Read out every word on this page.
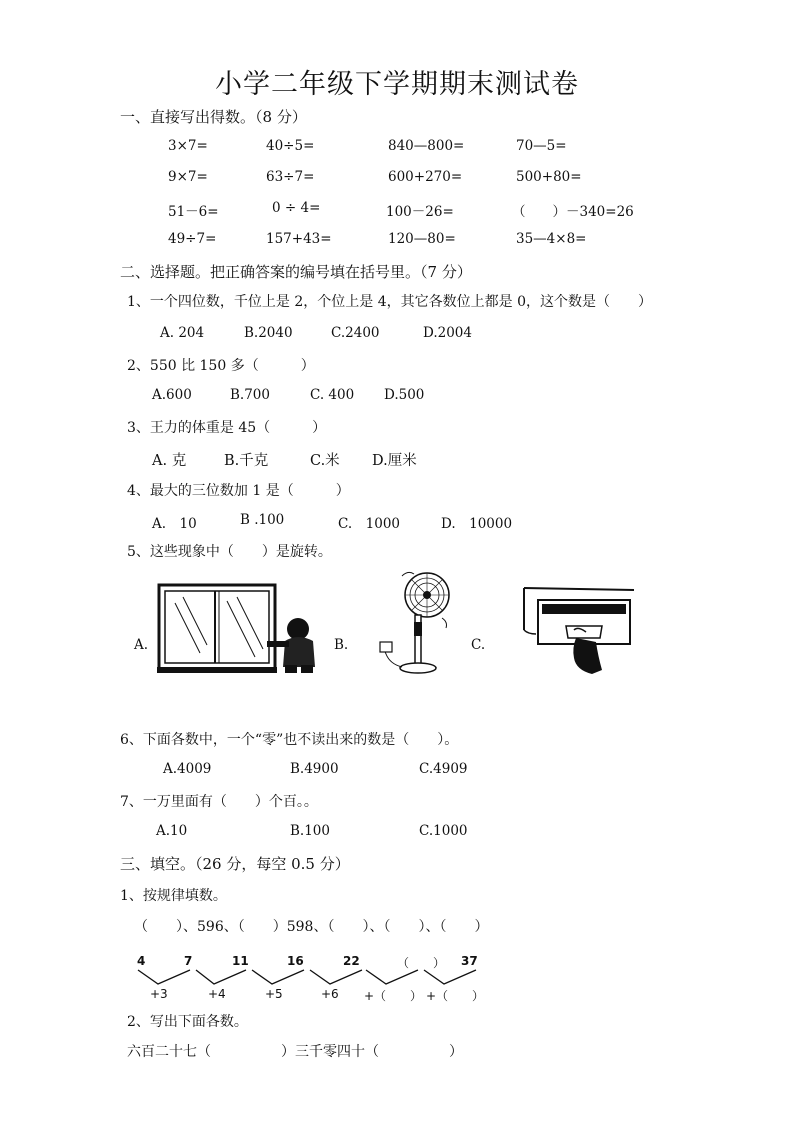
小学二年级下学期期末测试卷
一、直接写出得数。（8 分）
3×7=	40÷5=	840—800=	70—5=
9×7=	63÷7=	600+270=	500+80=
51－6=	0 ÷ 4=	100－26=	（　　）－340=26
49÷7=	157+43=	120—80=	35—4×8=
二、选择题。把正确答案的编号填在括号里。（7 分）
1、一个四位数，千位上是 2，个位上是 4，其它各数位上都是 0，这个数是（　　）
A. 204	B.2040	C.2400	D.2004
2、550 比 150 多（　　　）
A.600	B.700	C. 400 D.500
3、王力的体重是 45（　　　）
A. 克	B.千克	C.米 D.厘米
4、最大的三位数加 1 是（　　　）
A.　10	B .100	C.　1000	D.　10000
5、这些现象中（　　）是旋转。
A.	B.	C.
6、下面各数中，一个“零”也不读出来的数是（　　）。
A.4009	B.4900	C.4909
7、一万里面有（　　）个百。。
A.10	B.100	C.1000
三、填空。（26 分，每空 0.5 分）
1、按规律填数。
（　　）、596、（　　）598、（　　）、（　　）、（　　）
4	7	11	16	22	（　　） 37
+3	+4	+5	+6 +（　　） +（　　）
2、写出下面各数。
六百二十七（　　　　　）三千零四十（　　　　　）
